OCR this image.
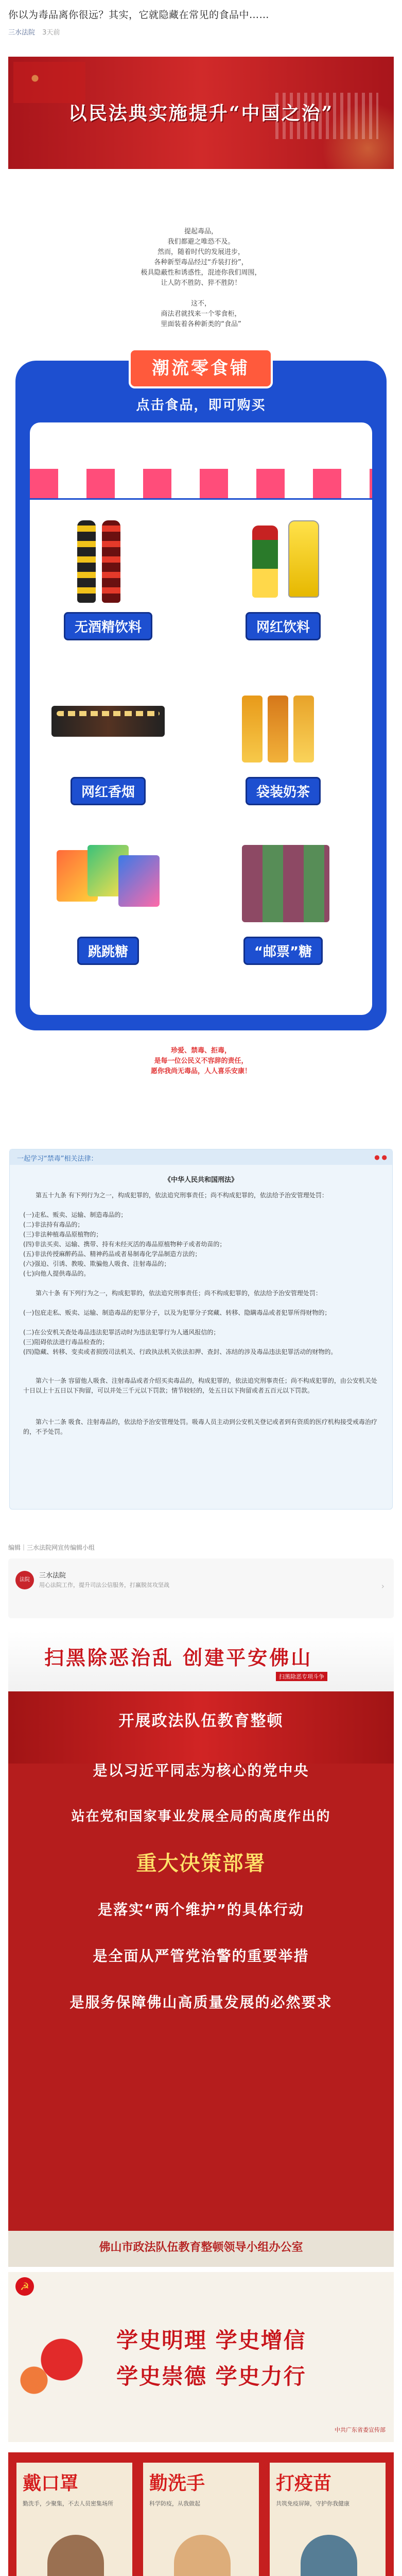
你以为毒品离你很远？其实，它就隐藏在常见的食品中……
三水法院 3天前
以民法典实施提升“中国之治”
提起毒品，
我们都避之唯恐不及。
然而，随着时代的发展进步，
各种新型毒品经过“乔装打扮”，
极具隐蔽性和诱惑性，混迹你我们周围，
让人防不胜防、猝不胜防！
这不，
商法君就找来一个零食柜，
里面装着各种新类的“食品”
潮流零食铺
点击食品，即可购买
无酒精饮料	网红饮料
网红香烟	袋装奶茶
跳跳糖	“邮票”糖
珍爱、禁毒、拒毒，
是每一位公民义不容辞的责任，
愿你我尚无毒品，人人喜乐安康！
一起学习“禁毒”相关法律：	● ●
《中华人民共和国刑法》
第五十九条 有下列行为之一，构成犯罪的，依法追究刑事责任；尚不构成犯罪的，依法给予治安管理处罚：
(一)走私、贩卖、运输、制造毒品的；
(二)非法持有毒品的；
(三)非法种植毒品原植物的；
(四)非法买卖、运输、携带、持有未经灭活的毒品原植物种子或者幼苗的；
(五)非法传授麻醉药品、精神药品或者易制毒化学品制造方法的；
(六)强迫、引诱、教唆、欺骗他人吸食、注射毒品的；
(七)向他人提供毒品的。
第六十条 有下列行为之一，构成犯罪的，依法追究刑事责任；尚不构成犯罪的，依法给予治安管理处罚：
(一)包庇走私、贩卖、运输、制造毒品的犯罪分子，以及为犯罪分子窝藏、转移、隐瞒毒品或者犯罪所得财物的；
(二)在公安机关查处毒品违法犯罪活动时为违法犯罪行为人通风报信的；
(三)阻碍依法进行毒品检查的；
(四)隐藏、转移、变卖或者损毁司法机关、行政执法机关依法扣押、查封、冻结的涉及毒品违法犯罪活动的财物的。
第六十一条 容留他人吸食、注射毒品或者介绍买卖毒品的，构成犯罪的，依法追究刑事责任；尚不构成犯罪的，由公安机关处十日以上十五日以下拘留，可以并处三千元以下罚款；情节较轻的，处五日以下拘留或者五百元以下罚款。
第六十二条 吸食、注射毒品的，依法给予治安管理处罚。吸毒人员主动到公安机关登记或者到有资质的医疗机构接受戒毒治疗的，不予处罚。
编辑｜三水法院网宣传编辑小组
法院
三水法院
用心法院工作，提升司法公信服务，打赢脱贫攻坚战	›
扫黑除恶治乱 创建平安佛山
扫黑除恶专项斗争
开展政法队伍教育整顿
是以习近平同志为核心的党中央
站在党和国家事业发展全局的高度作出的
重大决策部署
是落实“两个维护”的具体行动
是全面从严管党治警的重要举措
是服务保障佛山高质量发展的必然要求
佛山市政法队伍教育整顿领导小组办公室
☭
学史明理 学史增信
学史崇德 学史力行
中共广东省委宣传部
戴口罩
勤洗手，少聚集，不去人员密集场所
勤洗手
科学防疫，从我做起
打疫苗
共筑免疫屏障，守护你我健康
